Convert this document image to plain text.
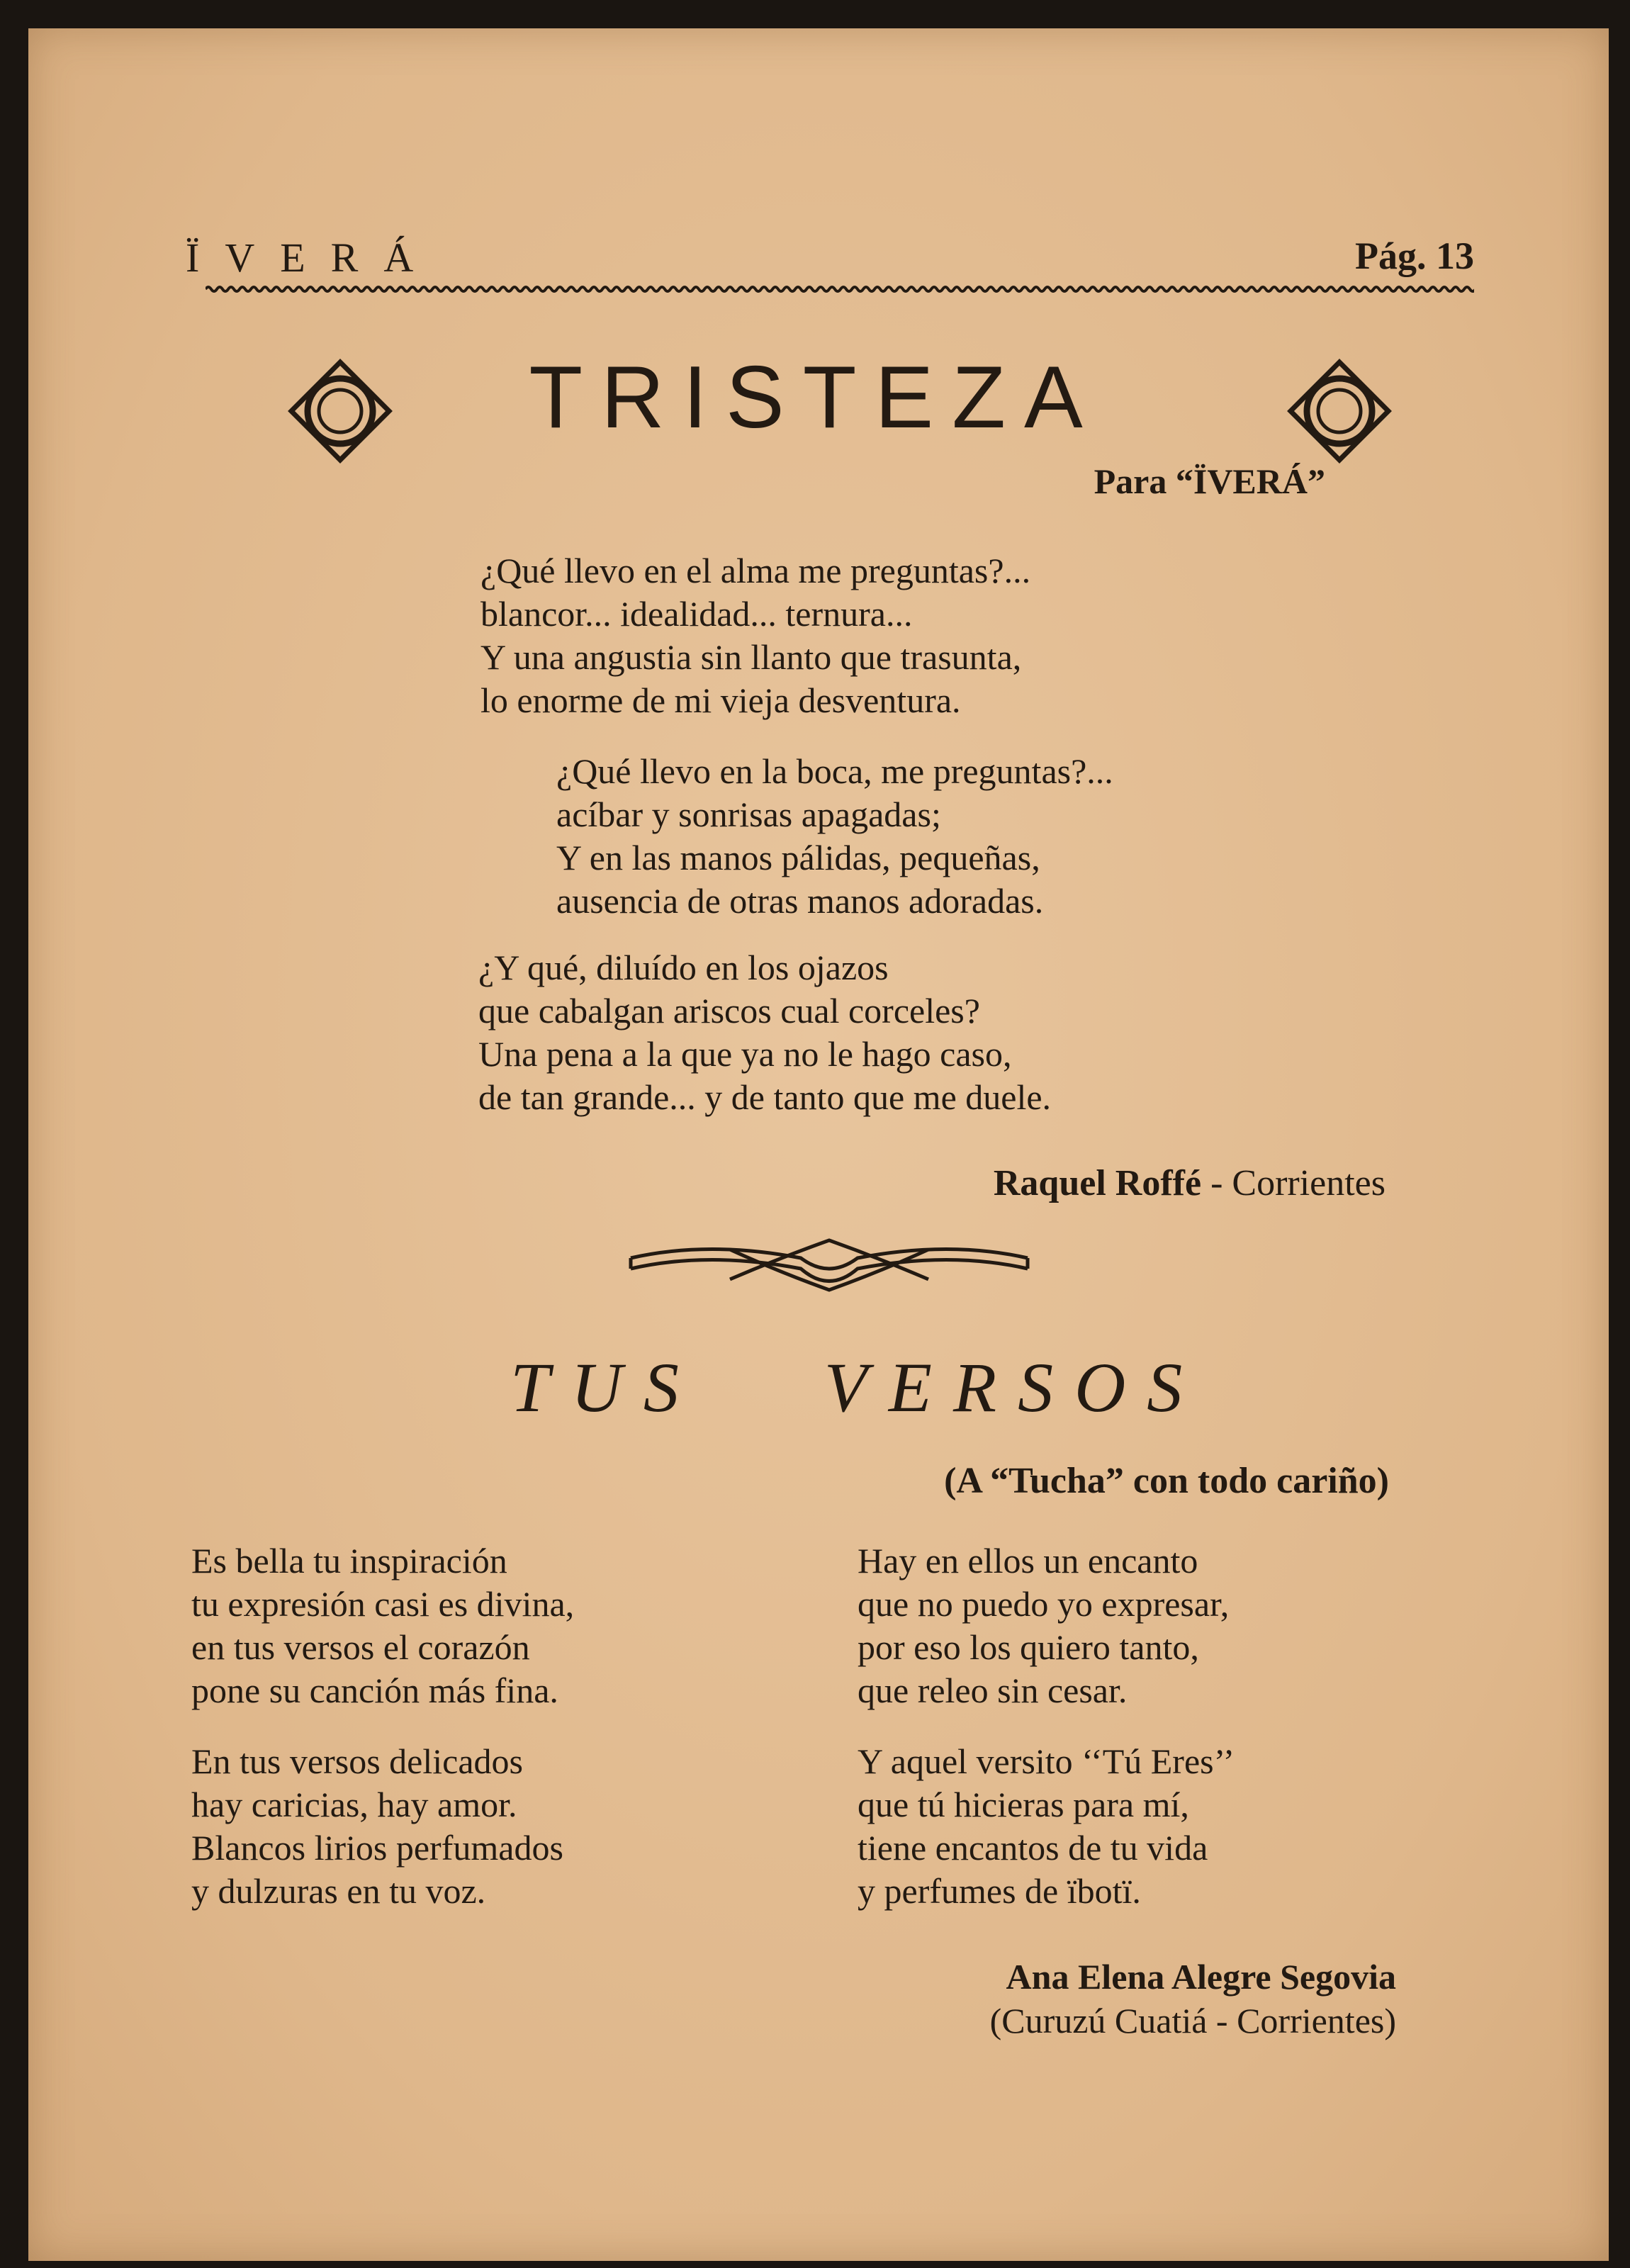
ÏVERÁ	Pág. 13
TRISTEZA
Para “ÏVERÁ”

¿Qué llevo en el alma me preguntas?...

blancor... idealidad... ternura...

Y una angustia sin llanto que trasunta,

lo enorme de mi vieja desventura.

¿Qué llevo en la boca, me preguntas?...

acíbar y sonrisas apagadas;

Y en las manos pálidas, pequeñas,

ausencia de otras manos adoradas.

¿Y qué, diluído en los ojazos

que cabalgan ariscos cual corceles?

Una pena a la que ya no le hago caso,

de tan grande... y de tanto que me duele.

Raquel Roffé - Corrientes
TUS VERSOS
(A “Tucha” con todo cariño)

Es bella tu inspiración

tu expresión casi es divina,

en tus versos el corazón

pone su canción más fina.

En tus versos delicados

hay caricias, hay amor.

Blancos lirios perfumados

y dulzuras en tu voz.

Hay en ellos un encanto

que no puedo yo expresar,

por eso los quiero tanto,

que releo sin cesar.

Y aquel versito ‘‘Tú Eres’’

que tú hicieras para mí,

tiene encantos de tu vida

y perfumes de ïbotï.

Ana Elena Alegre Segovia
(Curuzú Cuatiá - Corrientes)
